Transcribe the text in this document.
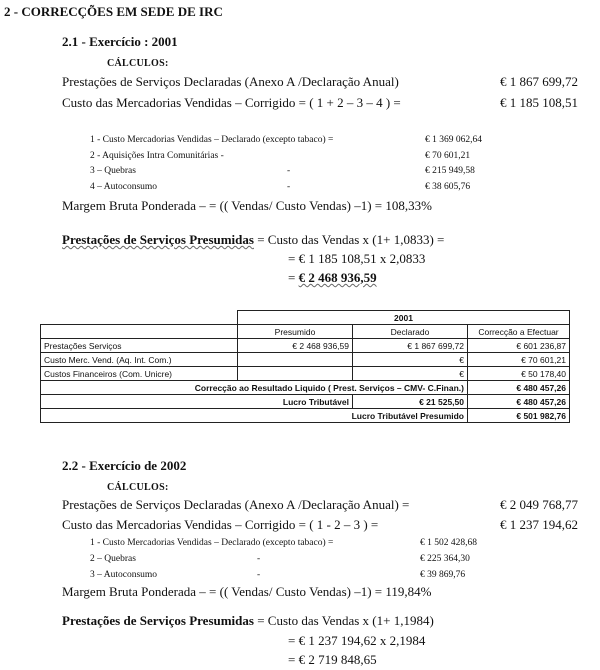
2 - CORRECÇÕES EM SEDE DE IRC
2.1 - Exercício : 2001
CÁLCULOS:
Prestações de Serviços Declaradas (Anexo A /Declaração Anual)	€ 1 867 699,72
Custo das Mercadorias Vendidas – Corrigido = ( 1 + 2 – 3 – 4 ) =	€ 1 185 108,51
1 - Custo Mercadorias Vendidas – Declarado (excepto tabaco) =	€ 1 369 062,64
2 - Aquisições Intra Comunitárias -	€ 70 601,21
3 – Quebras	-	€ 215 949,58
4 – Autoconsumo	-	€ 38 605,76
Margem Bruta Ponderada – = (( Vendas/ Custo Vendas) –1) = 108,33%
Prestações de Serviços Presumidas = Custo das Vendas x (1+ 1,0833) =
= € 1 185 108,51 x 2,0833
= € 2 468 936,59
	2001		
	Presumido	Declarado	Correcção a Efectuar
Prestações Serviços	€ 2 468 936,59	€ 1 867 699,72	€ 601 236,87
Custo Merc. Vend. (Aq. Int. Com.)		€	€ 70 601,21
Custos Financeiros (Com. Unicre)		€	€ 50 178,40
Correcção ao Resultado Liquido ( Prest. Serviços – CMV- C.Finan.)			€ 480 457,26
Lucro Tributável		€ 21 525,50	€ 480 457,26
Lucro Tributável Presumido			€ 501 982,76
2.2 - Exercício de 2002
CÁLCULOS:
Prestações de Serviços Declaradas (Anexo A /Declaração Anual) =	€ 2 049 768,77
Custo das Mercadorias Vendidas – Corrigido = ( 1 - 2 – 3 ) =	€ 1 237 194,62
1 - Custo Mercadorias Vendidas – Declarado (excepto tabaco) =	€ 1 502 428,68
2 – Quebras	-	€ 225 364,30
3 – Autoconsumo	-	€ 39 869,76
Margem Bruta Ponderada – = (( Vendas/ Custo Vendas) –1) = 119,84%
Prestações de Serviços Presumidas = Custo das Vendas x (1+ 1,1984)
= € 1 237 194,62 x 2,1984
= € 2 719 848,65
